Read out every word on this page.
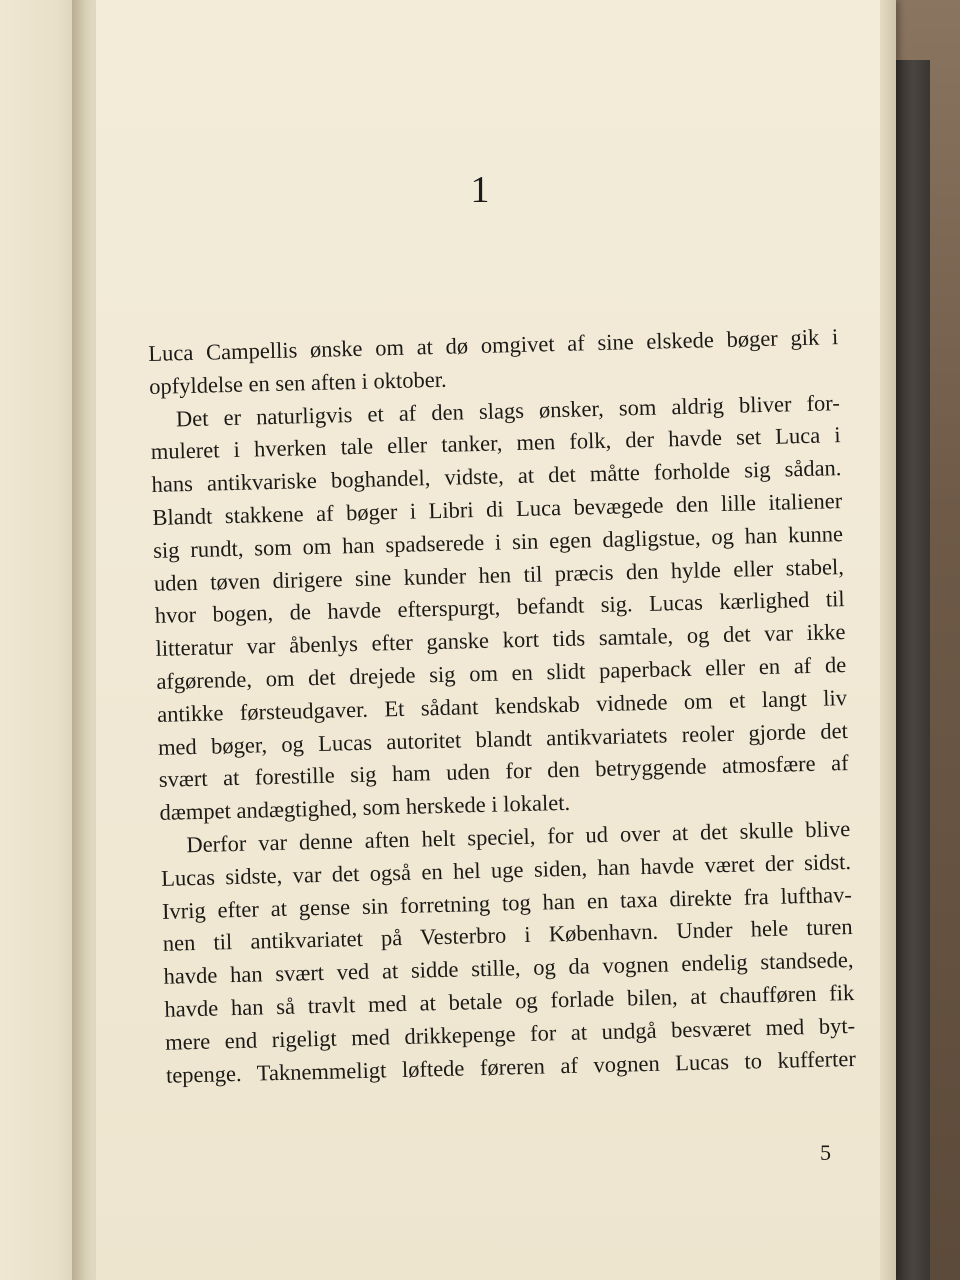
1
Luca Campellis ønske om at dø omgivet af sine elskede bøger gik i
opfyldelse en sen aften i oktober.
Det er naturligvis et af den slags ønsker, som aldrig bliver for-
muleret i hverken tale eller tanker, men folk, der havde set Luca i
hans antikvariske boghandel, vidste, at det måtte forholde sig sådan.
Blandt stakkene af bøger i Libri di Luca bevægede den lille italiener
sig rundt, som om han spadserede i sin egen dagligstue, og han kunne
uden tøven dirigere sine kunder hen til præcis den hylde eller stabel,
hvor bogen, de havde efterspurgt, befandt sig. Lucas kærlighed til
litteratur var åbenlys efter ganske kort tids samtale, og det var ikke
afgørende, om det drejede sig om en slidt paperback eller en af de
antikke førsteudgaver. Et sådant kendskab vidnede om et langt liv
med bøger, og Lucas autoritet blandt antikvariatets reoler gjorde det
svært at forestille sig ham uden for den betryggende atmosfære af
dæmpet andægtighed, som herskede i lokalet.
Derfor var denne aften helt speciel, for ud over at det skulle blive
Lucas sidste, var det også en hel uge siden, han havde været der sidst.
Ivrig efter at gense sin forretning tog han en taxa direkte fra lufthav-
nen til antikvariatet på Vesterbro i København. Under hele turen
havde han svært ved at sidde stille, og da vognen endelig standsede,
havde han så travlt med at betale og forlade bilen, at chaufføren fik
mere end rigeligt med drikkepenge for at undgå besværet med byt-
tepenge. Taknemmeligt løftede føreren af vognen Lucas to kufferter
5
